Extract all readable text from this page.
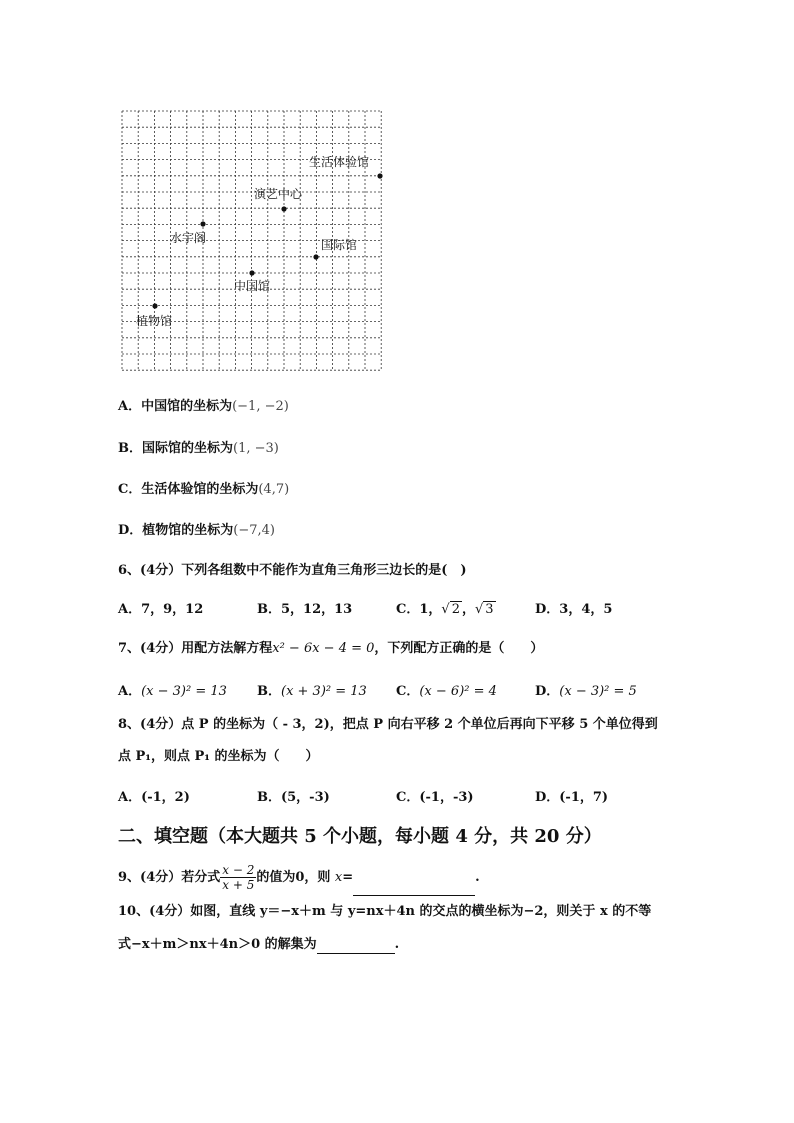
生活体验馆
演艺中心
水宇阁	国际馆
中国馆
植物馆
A．中国馆的坐标为(−1, −2)
B．国际馆的坐标为(1, −3)
C．生活体验馆的坐标为(4,7)
D．植物馆的坐标为(−7,4)
6、(4分）下列各组数中不能作为直角三角形三边长的是(　)
A．7，9，12	B．5，12，13	C．1，√ 2 ，√ 3	D．3，4，5
7、(4分）用配方法解方程x² − 6x − 4 = 0，下列配方正确的是（　　）
A．(x − 3)² = 13 B．(x + 3)² = 13 C．(x − 6)² = 4	D．(x − 3)² = 5
8、(4分）点 P 的坐标为（ - 3，2)，把点 P 向右平移 2 个单位后再向下平移 5 个单位得到
点 P₁，则点 P₁ 的坐标为（　　）
A．(-1，2)	B．(5，-3)	C．(-1，-3)	D．(-1，7)
二、填空题（本大题共 5 个小题，每小题 4 分，共 20 分）
9、(4分）若分式 $\frac{x - 2}{x + 5}$ 的值为0，则 x=	.
10、(4分）如图，直线 y＝−x＋m 与 y=nx＋4n 的交点的横坐标为−2，则关于 x 的不等
式−x＋m＞nx＋4n＞0 的解集为	.
